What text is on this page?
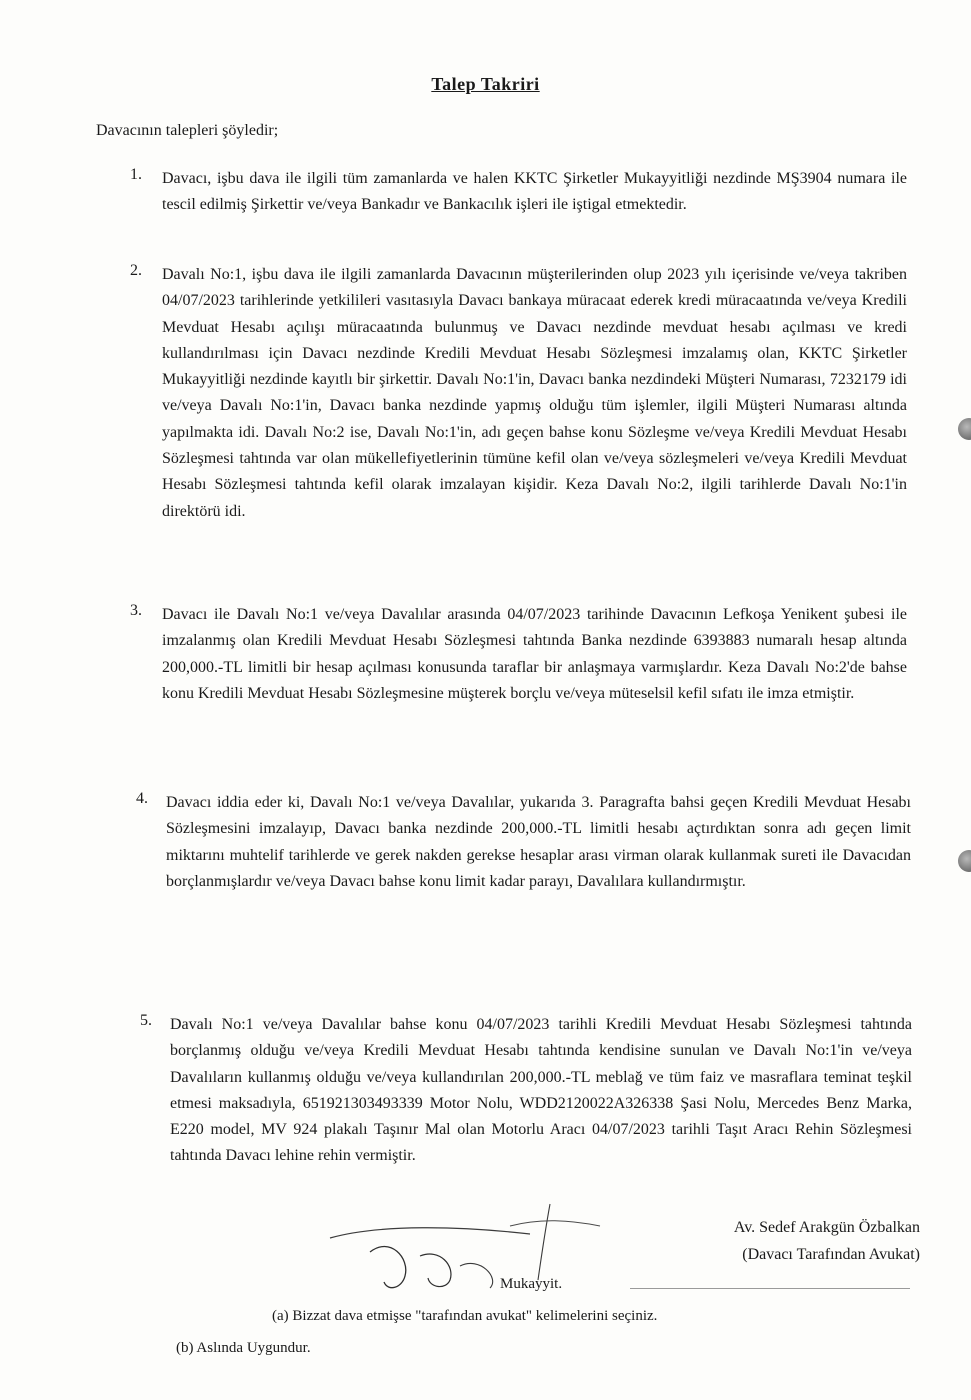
Talep Takriri
Davacının talepleri şöyledir;
1. Davacı, işbu dava ile ilgili tüm zamanlarda ve halen KKTC Şirketler Mukayyitliği nezdinde MŞ3904 numara ile tescil edilmiş Şirkettir ve/veya Bankadır ve Bankacılık işleri ile iştigal etmektedir.
2. Davalı No:1, işbu dava ile ilgili zamanlarda Davacının müşterilerinden olup 2023 yılı içerisinde ve/veya takriben 04/07/2023 tarihlerinde yetkilileri vasıtasıyla Davacı bankaya müracaat ederek kredi müracaatında ve/veya Kredili Mevduat Hesabı açılışı müracaatında bulunmuş ve Davacı nezdinde mevduat hesabı açılması ve kredi kullandırılması için Davacı nezdinde Kredili Mevduat Hesabı Sözleşmesi imzalamış olan, KKTC Şirketler Mukayyitliği nezdinde kayıtlı bir şirkettir. Davalı No:1'in, Davacı banka nezdindeki Müşteri Numarası, 7232179 idi ve/veya Davalı No:1'in, Davacı banka nezdinde yapmış olduğu tüm işlemler, ilgili Müşteri Numarası altında yapılmakta idi. Davalı No:2 ise, Davalı No:1'in, adı geçen bahse konu Sözleşme ve/veya Kredili Mevduat Hesabı Sözleşmesi tahtında var olan mükellefiyetlerinin tümüne kefil olan ve/veya sözleşmeleri ve/veya Kredili Mevduat Hesabı Sözleşmesi tahtında kefil olarak imzalayan kişidir. Keza Davalı No:2, ilgili tarihlerde Davalı No:1'in direktörü idi.
3. Davacı ile Davalı No:1 ve/veya Davalılar arasında 04/07/2023 tarihinde Davacının Lefkoşa Yenikent şubesi ile imzalanmış olan Kredili Mevduat Hesabı Sözleşmesi tahtında Banka nezdinde 6393883 numaralı hesap altında 200,000.-TL limitli bir hesap açılması konusunda taraflar bir anlaşmaya varmışlardır. Keza Davalı No:2'de bahse konu Kredili Mevduat Hesabı Sözleşmesine müşterek borçlu ve/veya müteselsil kefil sıfatı ile imza etmiştir.
4. Davacı iddia eder ki, Davalı No:1 ve/veya Davalılar, yukarıda 3. Paragrafta bahsi geçen Kredili Mevduat Hesabı Sözleşmesini imzalayıp, Davacı banka nezdinde 200,000.-TL limitli hesabı açtırdıktan sonra adı geçen limit miktarını muhtelif tarihlerde ve gerek nakden gerekse hesaplar arası virman olarak kullanmak sureti ile Davacıdan borçlanmışlardır ve/veya Davacı bahse konu limit kadar parayı, Davalılara kullandırmıştır.
5. Davalı No:1 ve/veya Davalılar bahse konu 04/07/2023 tarihli Kredili Mevduat Hesabı Sözleşmesi tahtında borçlanmış olduğu ve/veya Kredili Mevduat Hesabı tahtında kendisine sunulan ve Davalı No:1'in ve/veya Davalıların kullanmış olduğu ve/veya kullandırılan 200,000.-TL meblağ ve tüm faiz ve masraflara teminat teşkil etmesi maksadıyla, 651921303493339 Motor Nolu, WDD2120022A326338 Şasi Nolu, Mercedes Benz Marka, E220 model, MV 924 plakalı Taşınır Mal olan Motorlu Aracı 04/07/2023 tarihli Taşıt Aracı Rehin Sözleşmesi tahtında Davacı lehine rehin vermiştir.
Av. Sedef Arakgün Özbalkan
(Davacı Tarafından Avukat)
Mukayyit.
(a) Bizzat dava etmişse "tarafından avukat" kelimelerini seçiniz.
(b) Aslında Uygundur.
